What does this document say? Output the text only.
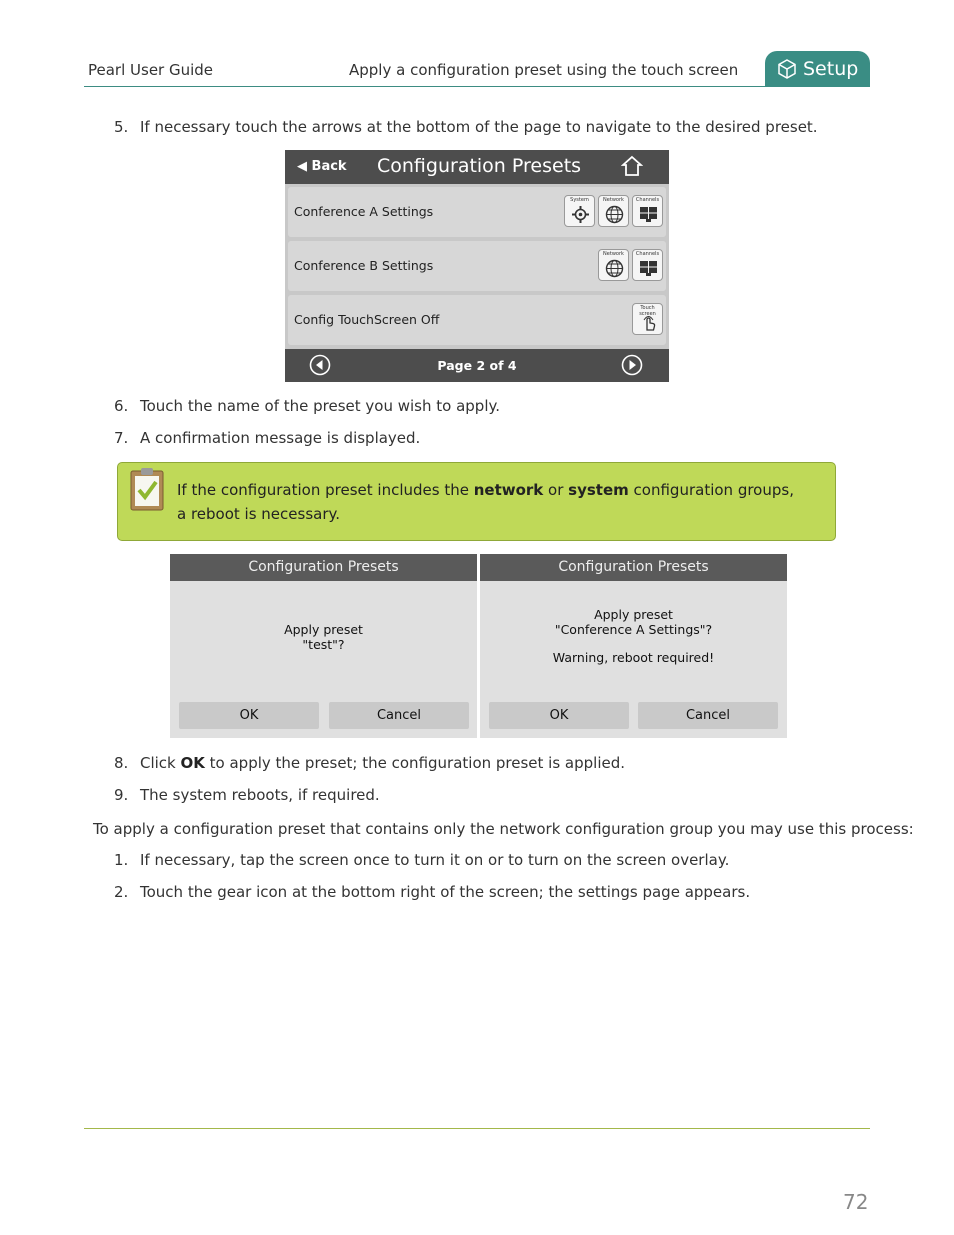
Pearl User Guide	Apply a configuration preset using the touch screen	Setup
5. If necessary touch the arrows at the bottom of the page to navigate to the desired preset.
◀ Back Configuration Presets
Conference A Settings
System	Network	Channels
Conference B Settings
Network	Channels
Config TouchScreen Off
Touch screen
Page 2 of 4
6. Touch the name of the preset you wish to apply.
7. A confirmation message is displayed.
If the configuration preset includes the network or system configuration groups, a reboot is necessary.
Configuration Presets
Apply preset
"test"?
OK	Cancel
Configuration Presets
Apply preset
"Conference A Settings"?
Warning, reboot required!
OK	Cancel
8. Click OK to apply the preset; the configuration preset is applied.
9. The system reboots, if required.
To apply a configuration preset that contains only the network configuration group you may use this process:
1. If necessary, tap the screen once to turn it on or to turn on the screen overlay.
2. Touch the gear icon at the bottom right of the screen; the settings page appears.
72
